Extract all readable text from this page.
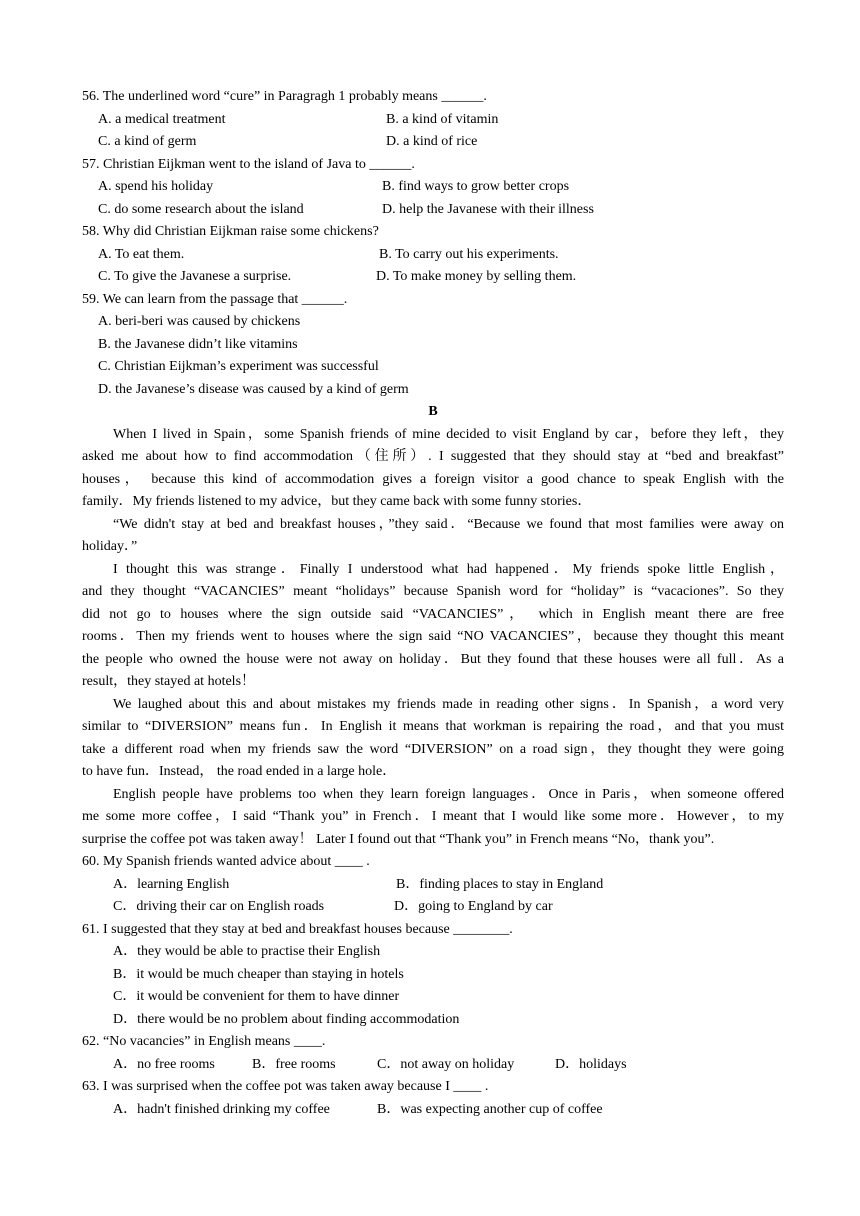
56. The underlined word “cure” in Paragragh 1 probably means ______.
A. a medical treatment	B. a kind of vitamin
C. a kind of germ	D. a kind of rice
57. Christian Eijkman went to the island of Java to ______.
A. spend his holiday	B. find ways to grow better crops
C. do some research about the island	D. help the Javanese with their illness
58. Why did Christian Eijkman raise some chickens?
A. To eat them.	B. To carry out his experiments.
C. To give the Javanese a surprise.	D. To make money by selling them.
59. We can learn from the passage that ______.
A. beri-beri was caused by chickens
B. the Javanese didn’t like vitamins
C. Christian Eijkman’s experiment was successful
D. the Javanese’s disease was caused by a kind of germ
B
When I lived in Spain，some Spanish friends of mine decided to visit England by car，before they left，they
asked me about how to find accommodation（住所）. I suggested that they should stay at “bed and breakfast”
houses， because this kind of accommodation gives a foreign visitor a good chance to speak English with the
family．My friends listened to my advice，but they came back with some funny stories．
“We didn't stay at bed and breakfast houses，”they said．“Because we found that most families were away on
holiday．”
I thought this was strange．Finally I understood what had happened．My friends spoke little English，
and they thought “VACANCIES” meant “holidays” because Spanish word for “holiday” is “vacaciones”. So they
did not go to houses where the sign outside said “VACANCIES”， which in English meant there are free
rooms．Then my friends went to houses where the sign said “NO VACANCIES”，because they thought this meant
the people who owned the house were not away on holiday．But they found that these houses were all full．As a
result，they stayed at hotels！
We laughed about this and about mistakes my friends made in reading other signs．In Spanish，a word very
similar to “DIVERSION” means fun．In English it means that workman is repairing the road，and that you must
take a different road when my friends saw the word “DIVERSION” on a road sign，they thought they were going
to have fun．Instead， the road ended in a large hole．
English people have problems too when they learn foreign languages．Once in Paris，when someone offered
me some more coffee，I said “Thank you” in French．I meant that I would like some more．However，to my
surprise the coffee pot was taken away！ Later I found out that “Thank you” in French means “No，thank you”.
60. My Spanish friends wanted advice about ____ .
A．learning English	B．finding places to stay in England
C．driving their car on English roads	D．going to England by car
61. I suggested that they stay at bed and breakfast houses because ________.
A．they would be able to practise their English
B．it would be much cheaper than staying in hotels
C．it would be convenient for them to have dinner
D．there would be no problem about finding accommodation
62. “No vacancies” in English means ____.
A．no free rooms	B．free rooms	C．not away on holiday	D．holidays
63. I was surprised when the coffee pot was taken away because I ____ .
A．hadn't finished drinking my coffee	B．was expecting another cup of coffee
